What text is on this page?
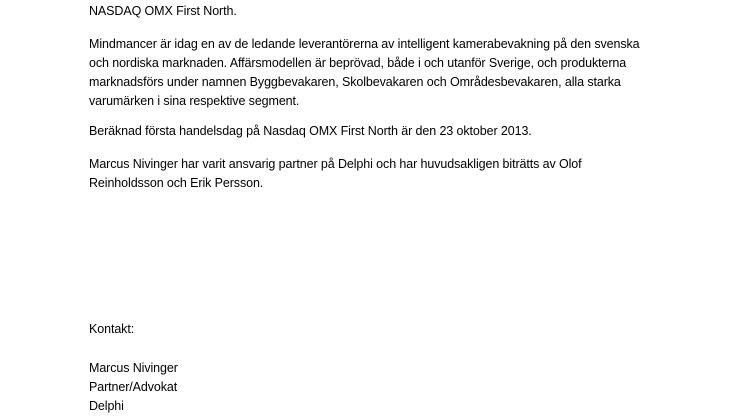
NASDAQ OMX First North.
Mindmancer är idag en av de ledande leverantörerna av intelligent kamerabevakning på den svenska
och nordiska marknaden. Affärsmodellen är beprövad, både i och utanför Sverige, och produkterna
marknadsförs under namnen Byggbevakaren, Skolbevakaren och Områdesbevakaren, alla starka
varumärken i sina respektive segment.
Beräknad första handelsdag på Nasdaq OMX First North är den 23 oktober 2013.
Marcus Nivinger har varit ansvarig partner på Delphi och har huvudsakligen biträtts av Olof
Reinholdsson och Erik Persson.
Kontakt:
Marcus Nivinger
Partner/Advokat
Delphi
